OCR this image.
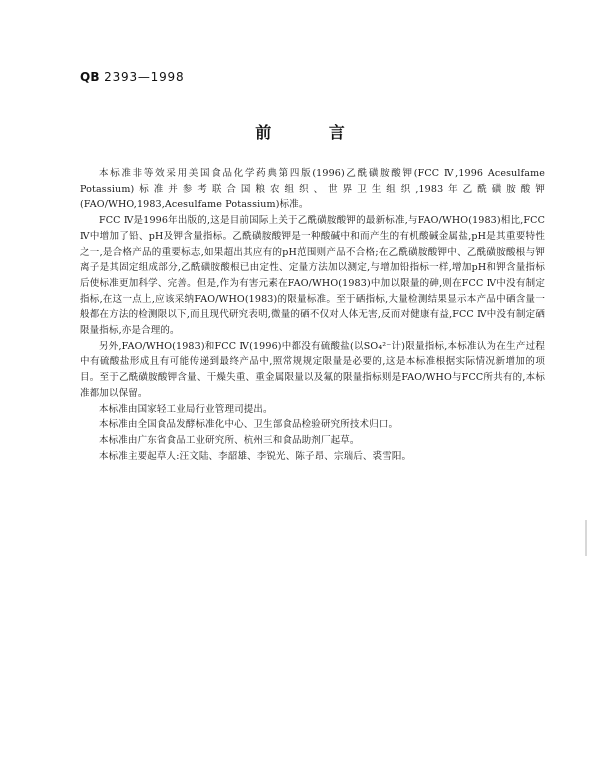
QB 2393—1998
前 言

本标准非等效采用美国食品化学药典第四版(1996)乙酰磺胺酸钾(FCC Ⅳ,1996 Acesulfame Potassium)标准并参考联合国粮农组织、世界卫生组织,1983年乙酰磺胺酸钾(FAO/WHO,1983,Acesulfame Potassium)标准。

FCC Ⅳ是1996年出版的,这是目前国际上关于乙酰磺胺酸钾的最新标准,与FAO/WHO(1983)相比,FCC Ⅳ中增加了铅、pH及钾含量指标。乙酰磺胺酸钾是一种酸碱中和而产生的有机酸碱金属盐,pH是其重要特性之一,是合格产品的重要标志,如果超出其应有的pH范围则产品不合格;在乙酰磺胺酸钾中、乙酰磺胺酸根与钾离子是其固定组成部分,乙酰磺胺酸根已由定性、定量方法加以测定,与增加铅指标一样,增加pH和钾含量指标后使标准更加科学、完善。但是,作为有害元素在FAO/WHO(1983)中加以限量的砷,则在FCC Ⅳ中没有制定指标,在这一点上,应该采纳FAO/WHO(1983)的限量标准。至于硒指标,大量检测结果显示本产品中硒含量一般都在方法的检测限以下,而且现代研究表明,微量的硒不仅对人体无害,反而对健康有益,FCC Ⅳ中没有制定硒限量指标,亦是合理的。

另外,FAO/WHO(1983)和FCC Ⅳ(1996)中都没有硫酸盐(以SO₄²⁻计)限量指标,本标准认为在生产过程中有硫酸盐形成且有可能传递到最终产品中,照常规规定限量是必要的,这是本标准根据实际情况新增加的项目。至于乙酰磺胺酸钾含量、干燥失重、重金属限量以及氟的限量指标则是FAO/WHO与FCC所共有的,本标准都加以保留。

本标准由国家轻工业局行业管理司提出。

本标准由全国食品发酵标准化中心、卫生部食品检验研究所技术归口。

本标准由广东省食品工业研究所、杭州三和食品助剂厂起草。

本标准主要起草人:汪文陆、李韶雄、李锐光、陈子昂、宗瑞后、裘雪阳。
